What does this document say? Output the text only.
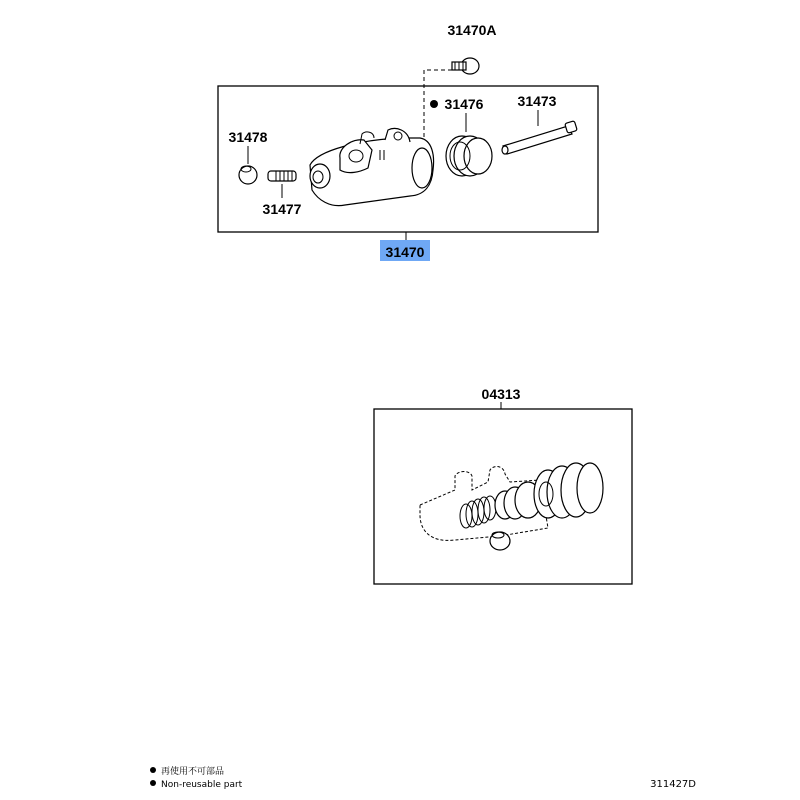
31470A
31476 31473
31478
31477
31470
04313
再使用不可部品
Non-reusable part	311427D
